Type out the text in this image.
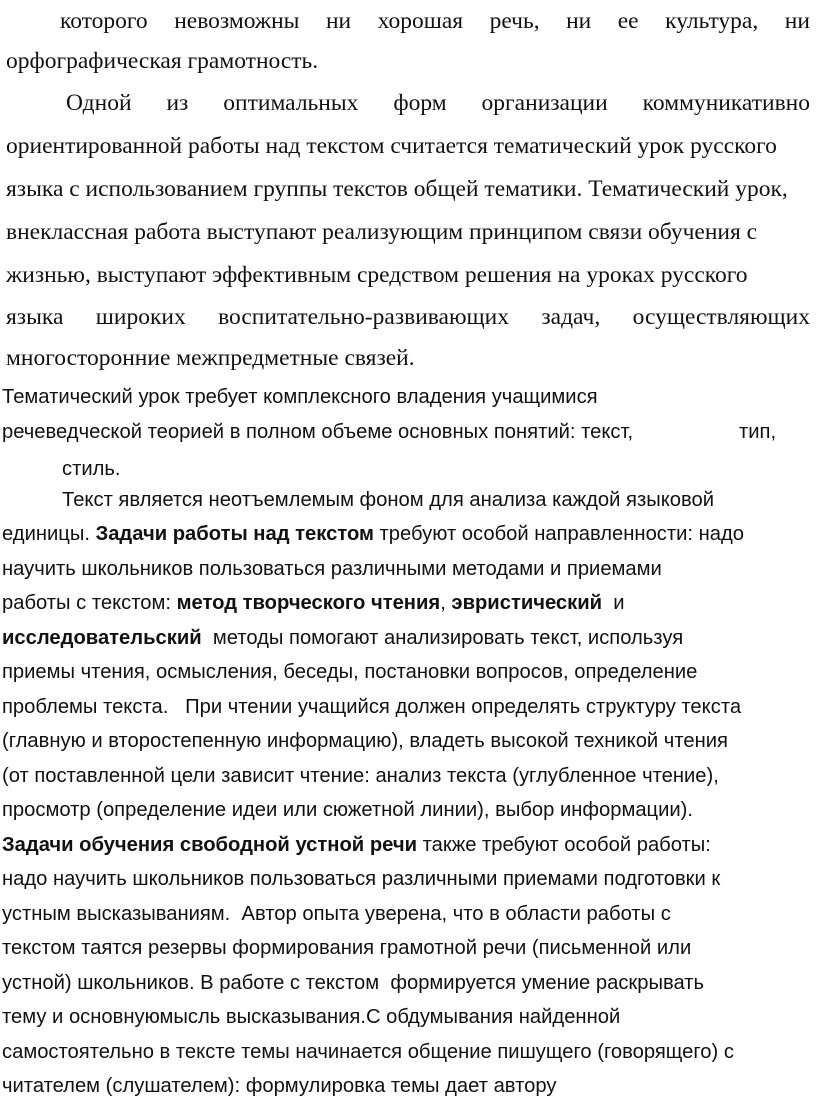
которого невозможны ни хорошая речь, ни ее культура, ни
орфографическая грамотность.
Одной из оптимальных форм организации коммуникативно
ориентированной работы над текстом считается тематический урок русского
языка с использованием группы текстов общей тематики. Тематический урок,
внеклассная работа выступают реализующим принципом связи обучения с
жизнью, выступают эффективным средством решения на уроках русского
языка широких воспитательно-развивающих задач, осуществляющих
многосторонние межпредметные связей.
Тематический урок требует комплексного владения учащимися
речеведческой теорией в полном объеме основных понятий: текст,	тип,
стиль.
Текст является неотъемлемым фоном для анализа каждой языковой
единицы. Задачи работы над текстом требуют особой направленности: надо
научить школьников пользоваться различными методами и приемами
работы с текстом: метод творческого чтения, эвристический  и
исследовательский  методы помогают анализировать текст, используя
приемы чтения, осмысления, беседы, постановки вопросов, определение
проблемы текста.   При чтении учащийся должен определять структуру текста
(главную и второстепенную информацию), владеть высокой техникой чтения
(от поставленной цели зависит чтение: анализ текста (углубленное чтение),
просмотр (определение идеи или сюжетной линии), выбор информации).
Задачи обучения свободной устной речи также требуют особой работы:
надо научить школьников пользоваться различными приемами подготовки к
устным высказываниям.  Автор опыта уверена, что в области работы с
текстом таятся резервы формирования грамотной речи (письменной или
устной) школьников. В работе с текстом  формируется умение раскрывать
тему и основнуюмысль высказывания.С обдумывания найденной
самостоятельно в тексте темы начинается общение пишущего (говорящего) с
читателем (слушателем): формулировка темы дает автору
